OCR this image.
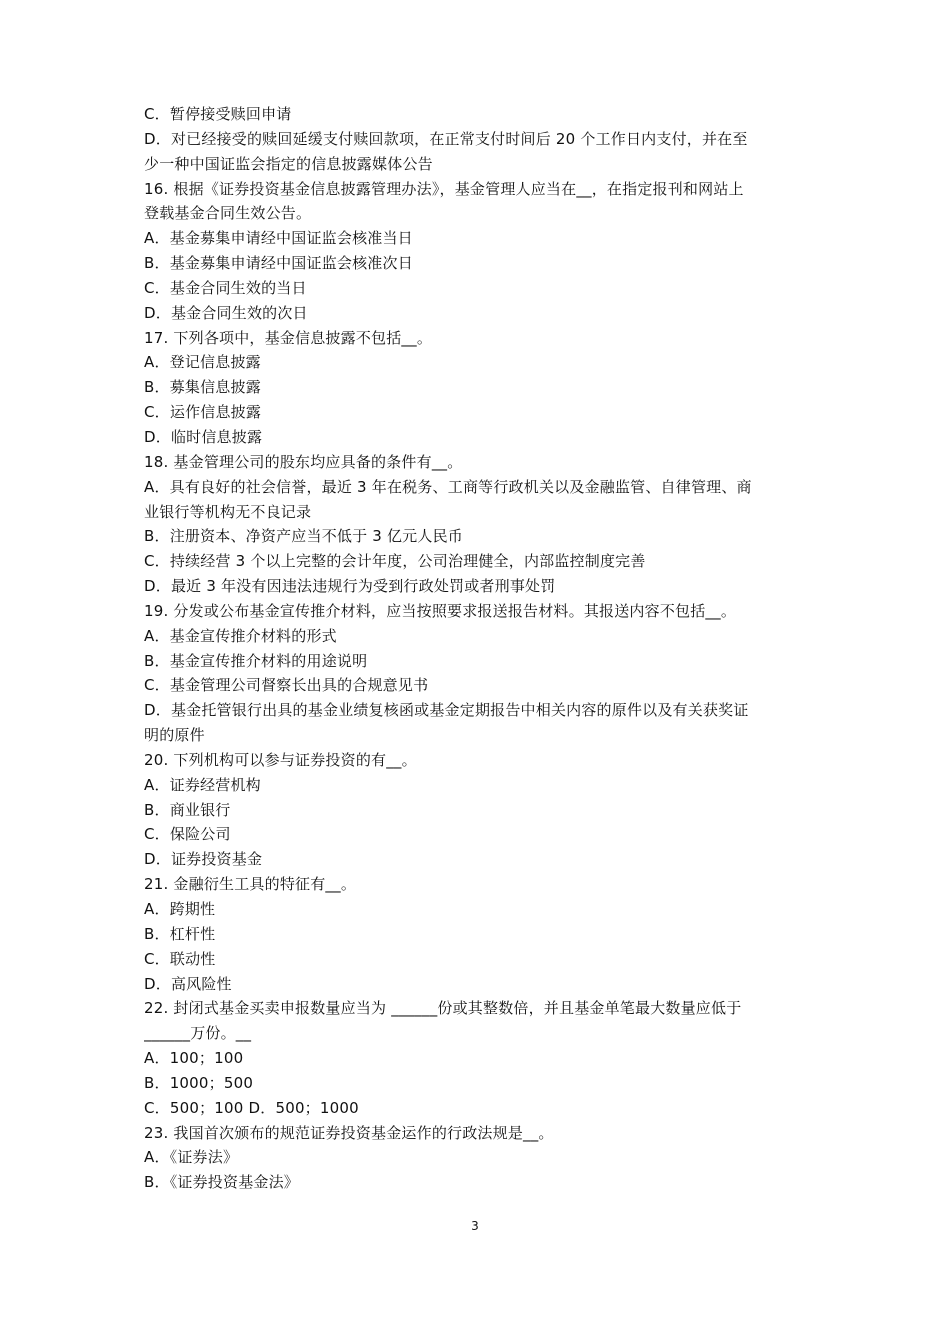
C．暂停接受赎回申请
D．对已经接受的赎回延缓支付赎回款项，在正常支付时间后 20 个工作日内支付，并在至
少一种中国证监会指定的信息披露媒体公告
16. 根据《证券投资基金信息披露管理办法》，基金管理人应当在__，在指定报刊和网站上
登载基金合同生效公告。
A．基金募集申请经中国证监会核准当日
B．基金募集申请经中国证监会核准次日
C．基金合同生效的当日
D．基金合同生效的次日
17. 下列各项中，基金信息披露不包括__。
A．登记信息披露
B．募集信息披露
C．运作信息披露
D．临时信息披露
18. 基金管理公司的股东均应具备的条件有__。
A．具有良好的社会信誉，最近 3 年在税务、工商等行政机关以及金融监管、自律管理、商
业银行等机构无不良记录
B．注册资本、净资产应当不低于 3 亿元人民币
C．持续经营 3 个以上完整的会计年度，公司治理健全，内部监控制度完善
D．最近 3 年没有因违法违规行为受到行政处罚或者刑事处罚
19. 分发或公布基金宣传推介材料，应当按照要求报送报告材料。其报送内容不包括__。
A．基金宣传推介材料的形式
B．基金宣传推介材料的用途说明
C．基金管理公司督察长出具的合规意见书
D．基金托管银行出具的基金业绩复核函或基金定期报告中相关内容的原件以及有关获奖证
明的原件
20. 下列机构可以参与证券投资的有__。
A．证券经营机构
B．商业银行
C．保险公司
D．证券投资基金
21. 金融衍生工具的特征有__。
A．跨期性
B．杠杆性
C．联动性
D．高风险性
22. 封闭式基金买卖申报数量应当为 ______份或其整数倍，并且基金单笔最大数量应低于
______万份。__
A．100；100
B．1000；500
C．500；100 D．500；1000
23. 我国首次颁布的规范证券投资基金运作的行政法规是__。
A．《证券法》
B．《证券投资基金法》
3
